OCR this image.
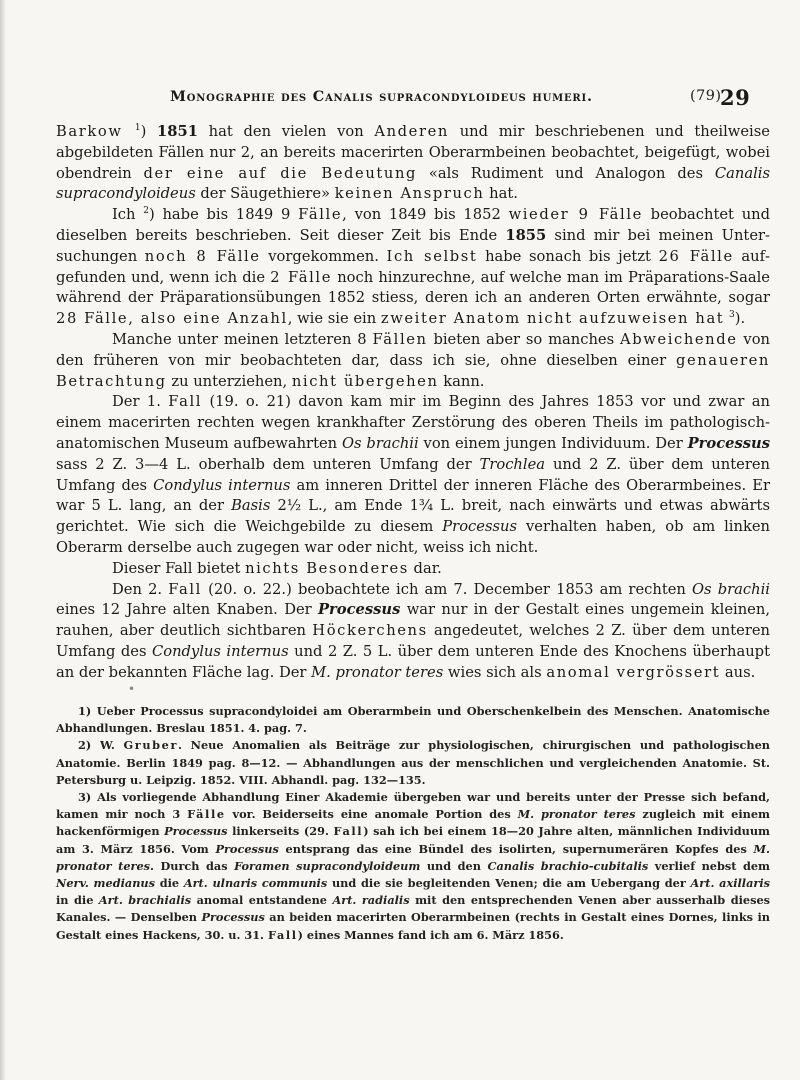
Monographie des Canalis supracondyloideus humeri.	(79)
29

Barkow $^1$) 1851 hat den vielen von Anderen und mir beschriebenen und theilweise abgebildeten Fällen nur 2, an bereits macerirten Oberarmbeinen beobachtet, beigefügt, wobei obendrein der eine auf die Bedeutung «als Rudiment und Analogon des Canalis supracondyloideus der Säugethiere» keinen Anspruch hat.

Ich $^2$) habe bis 1849 9 Fälle, von 1849 bis 1852 wieder 9 Fälle beobachtet und dieselben bereits beschrieben. Seit dieser Zeit bis Ende 1855 sind mir bei meinen Untersuchungen noch 8 Fälle vorgekommen. Ich selbst habe sonach bis jetzt 26 Fälle aufgefunden und, wenn ich die 2 Fälle noch hinzurechne, auf welche man im Präparations-Saale während der Präparationsübungen 1852 stiess, deren ich an anderen Orten erwähnte, sogar 28 Fälle, also eine Anzahl, wie sie ein zweiter Anatom nicht aufzuweisen hat $^3$).

Manche unter meinen letzteren 8 Fällen bieten aber so manches Abweichende von den früheren von mir beobachteten dar, dass ich sie, ohne dieselben einer genaueren Betrachtung zu unterziehen, nicht übergehen kann.

Der 1. Fall (19. o. 21) davon kam mir im Beginn des Jahres 1853 vor und zwar an einem macerirten rechten wegen krankhafter Zerstörung des oberen Theils im pathologisch-anatomischen Museum aufbewahrten Os brachii von einem jungen Individuum. Der Processus sass 2 Z. 3—4 L. oberhalb dem unteren Umfang der Trochlea und 2 Z. über dem unteren Umfang des Condylus internus am inneren Drittel der inneren Fläche des Oberarmbeines. Er war 5 L. lang, an der Basis 2½ L., am Ende 1¾ L. breit, nach einwärts und etwas abwärts gerichtet. Wie sich die Weichgebilde zu diesem Processus verhalten haben, ob am linken Oberarm derselbe auch zugegen war oder nicht, weiss ich nicht.

Dieser Fall bietet nichts Besonderes dar.

Den 2. Fall (20. o. 22.) beobachtete ich am 7. December 1853 am rechten Os brachii eines 12 Jahre alten Knaben. Der Processus war nur in der Gestalt eines ungemein kleinen, rauhen, aber deutlich sichtbaren Höckerchens angedeutet, welches 2 Z. über dem unteren Umfang des Condylus internus und 2 Z. 5 L. über dem unteren Ende des Knochens überhaupt an der bekannten Fläche lag. Der M. pronator teres wies sich als anomal vergrössert aus.

•

1) Ueber Processus supracondyloidei am Oberarmbein und Oberschenkelbein des Menschen. Anatomische Abhandlungen. Breslau 1851. 4. pag. 7.

2) W. Gruber. Neue Anomalien als Beiträge zur physiologischen, chirurgischen und pathologischen Anatomie. Berlin 1849 pag. 8—12. — Abhandlungen aus der menschlichen und vergleichenden Anatomie. St. Petersburg u. Leipzig. 1852. VIII. Abhandl. pag. 132—135.

3) Als vorliegende Abhandlung Einer Akademie übergeben war und bereits unter der Presse sich befand, kamen mir noch 3 Fälle vor. Beiderseits eine anomale Portion des M. pronator teres zugleich mit einem hackenförmigen Processus linkerseits (29. Fall) sah ich bei einem 18—20 Jahre alten, männlichen Individuum am 3. März 1856. Vom Processus entsprang das eine Bündel des isolirten, supernumerären Kopfes des M. pronator teres. Durch das Foramen supracondyloideum und den Canalis brachio-cubitalis verlief nebst dem Nerv. medianus die Art. ulnaris communis und die sie begleitenden Venen; die am Uebergang der Art. axillaris in die Art. brachialis anomal entstandene Art. radialis mit den entsprechenden Venen aber ausserhalb dieses Kanales. — Denselben Processus an beiden macerirten Oberarmbeinen (rechts in Gestalt eines Dornes, links in Gestalt eines Hackens, 30. u. 31. Fall) eines Mannes fand ich am 6. März 1856.
